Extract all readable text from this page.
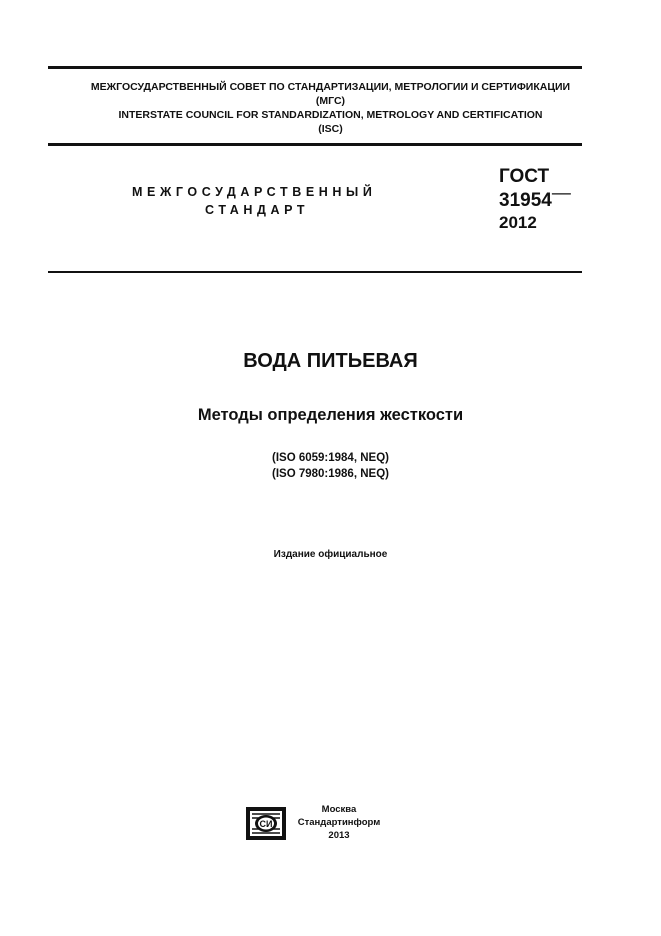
МЕЖГОСУДАРСТВЕННЫЙ СОВЕТ ПО СТАНДАРТИЗАЦИИ, МЕТРОЛОГИИ И СЕРТИФИКАЦИИ
(МГС)
INTERSTATE COUNCIL FOR STANDARDIZATION, METROLOGY AND CERTIFICATION
(ISC)
МЕЖГОСУДАРСТВЕННЫЙ
СТАНДАРТ
ГОСТ
31954—
2012
ВОДА ПИТЬЕВАЯ
Методы определения жесткости
(ISO 6059:1984, NEQ)
(ISO 7980:1986, NEQ)
Издание официальное
СИ
Москва
Стандартинформ
2013
